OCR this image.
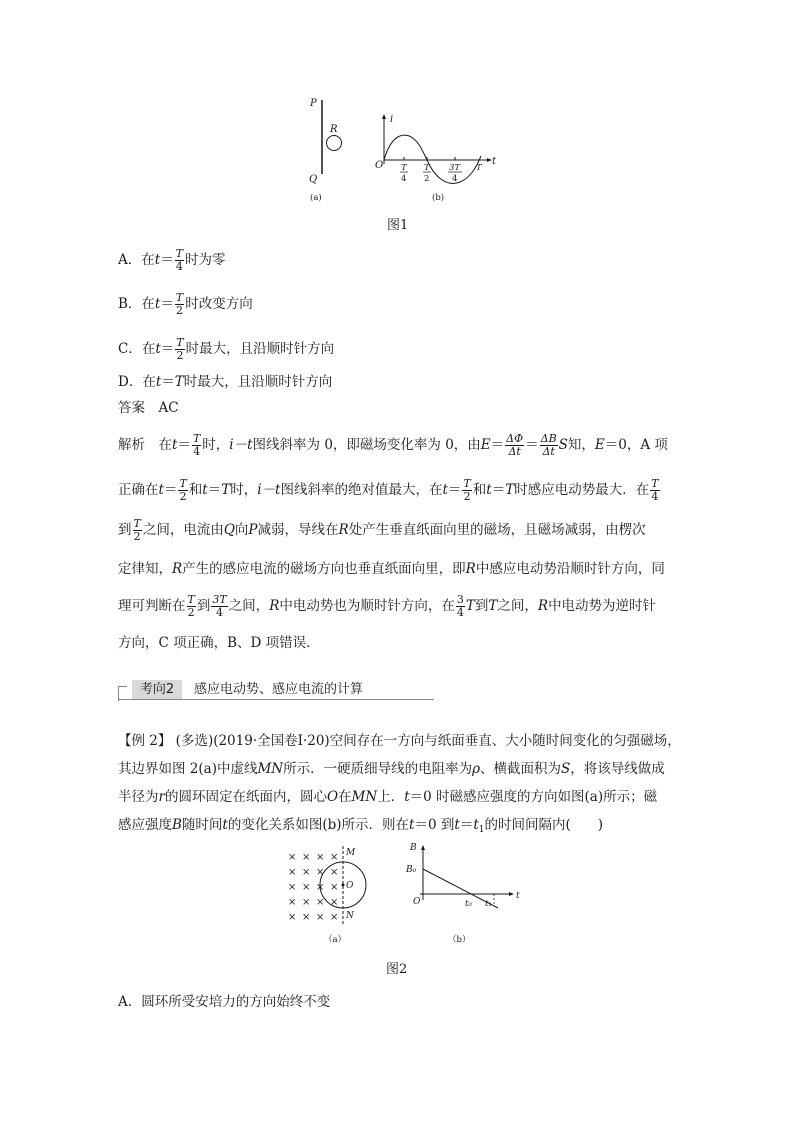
P
Q
R
(a)
i
t
O T
4
T
2
3T
4
T
(b)
图1
A．在$t= \frac{T}{4}$ 时为零
B．在$t= \frac{T}{2}$ 时改变方向
C．在$t= \frac{T}{2}$ 时最大，且沿顺时针方向
D．在t＝T时最大，且沿顺时针方向
答案　 AC
解析　 在$t= \frac{T}{4}$ 时，i－t图线斜率为 0，即磁场变化率为 0，由$E= \frac{\Delta\Phi}{\Delta t} = \frac{\Delta B}{\Delta t}$ S知，E＝0，A 项
正确在$t= \frac{T}{2}$ 和t＝T时，i－t图线斜率的绝对值最大，在$t= \frac{T}{2}$ 和t＝T时感应电动势最大．在 $\frac{T}{4}$
到 $\frac{T}{2}$ 之间，电流由Q向P减弱，导线在R处产生垂直纸面向里的磁场，且磁场减弱，由楞次
定律知，R产生的感应电流的磁场方向也垂直纸面向里，即R中感应电动势沿顺时针方向，同
理可判断在 $\frac{T}{2}$ 到 $\frac{3T}{4}$ 之间，R中电动势也为顺时针方向，在 $\frac{3}{4}$ T到T之间，R中电动势为逆时针
方向，C 项正确，B、D 项错误．
考向2	感应电动势、感应电流的计算
【例 2】 (多选)(2019·全国卷Ⅰ·20)空间存在一方向与纸面垂直、大小随时间变化的匀强磁场，
其边界如图 2(a)中虚线MN所示．一硬质细导线的电阻率为ρ、横截面积为S，将该导线做成
半径为r的圆环固定在纸面内，圆心O在MN上．t＝0 时磁感应强度的方向如图(a)所示；磁
感应强度B随时间t的变化关系如图(b)所示．则在t＝0 到$t=t_1$的时间间隔内(　　)
× × × ×
× × × ×
× × × ×
× × × ×
× × × ×
M
O
N
（a）
B
t
O
B₀
t₀ t₁
（b）
图2
A．圆环所受安培力的方向始终不变
